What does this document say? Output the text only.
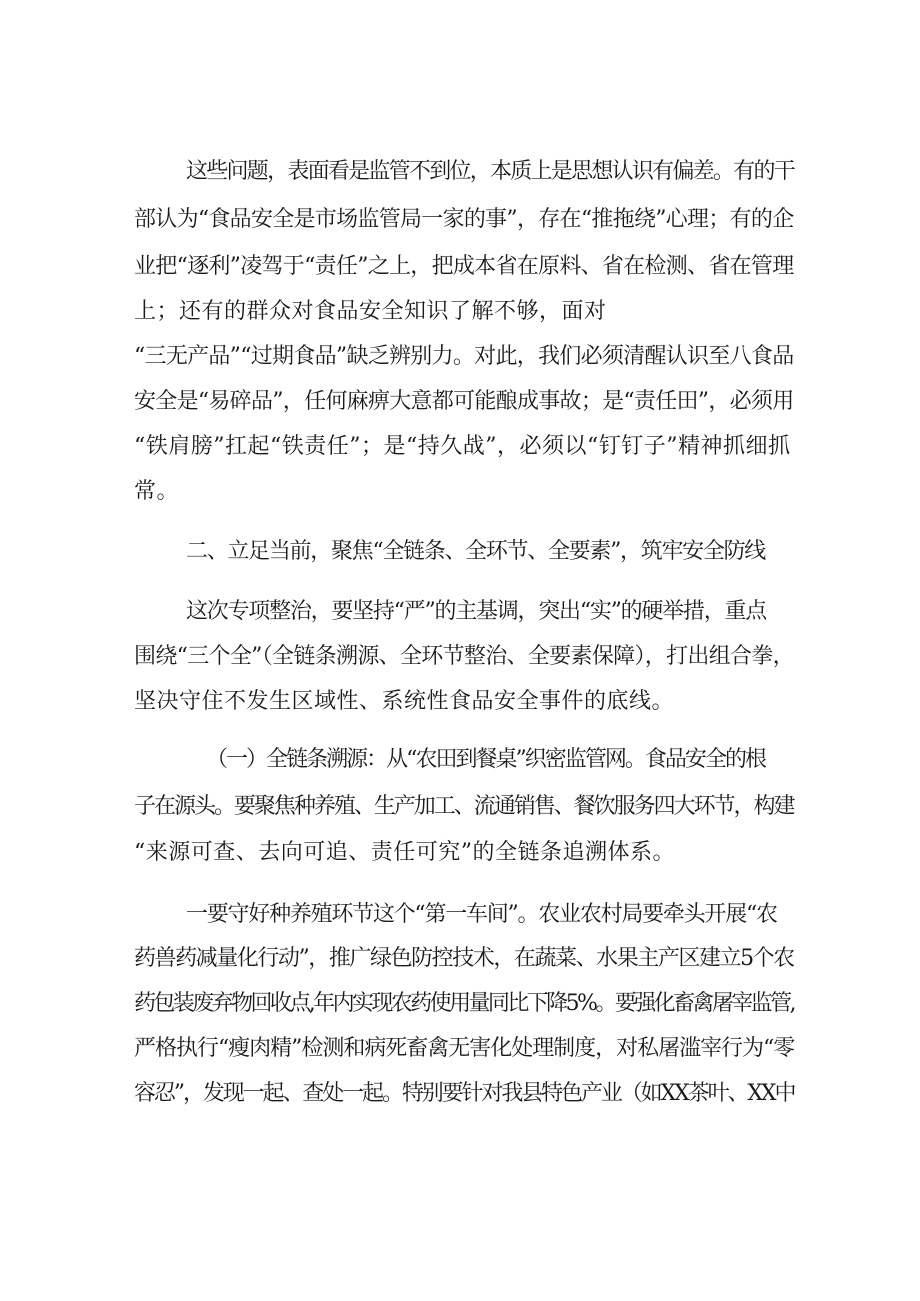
这些问题，表面看是监管不到位，本质上是思想认识有偏差。有的干
部认为“食品安全是市场监管局一家的事”，存在“推拖绕”心理；有的企
业把“逐利”凌驾于“责任”之上，把成本省在原料、省在检测、省在管理
上；还有的群众对食品安全知识了解不够，面对
“三无产品”“过期食品”缺乏辨别力。对此，我们必须清醒认识至八食品
安全是“易碎品”，任何麻痹大意都可能酿成事故；是“责任田”，必须用
“铁肩膀”扛起“铁责任”；是“持久战”，必须以“钉钉子”精神抓细抓
常。
二、立足当前，聚焦“全链条、全环节、全要素”，筑牢安全防线
这次专项整治，要坚持“严”的主基调，突出“实”的硬举措，重点
围绕“三个全”（全链条溯源、全环节整治、全要素保障），打出组合拳，
坚决守住不发生区域性、系统性食品安全事件的底线。
（一）全链条溯源：从“农田到餐桌”织密监管网。食品安全的根
子在源头。要聚焦种养殖、生产加工、流通销售、餐饮服务四大环节，构建
“来源可查、去向可追、责任可究”的全链条追溯体系。
一要守好种养殖环节这个“第一车间”。农业农村局要牵头开展“农
药兽药减量化行动”，推广绿色防控技术，在蔬菜、水果主产区建立5个农
药包装废弃物回收点,年内实现农药使用量同比下降5%。要强化畜禽屠宰监管,
严格执行“瘦肉精”检测和病死畜禽无害化处理制度，对私屠滥宰行为“零
容忍”，发现一起、查处一起。特别要针对我县特色产业（如XX茶叶、XX中
